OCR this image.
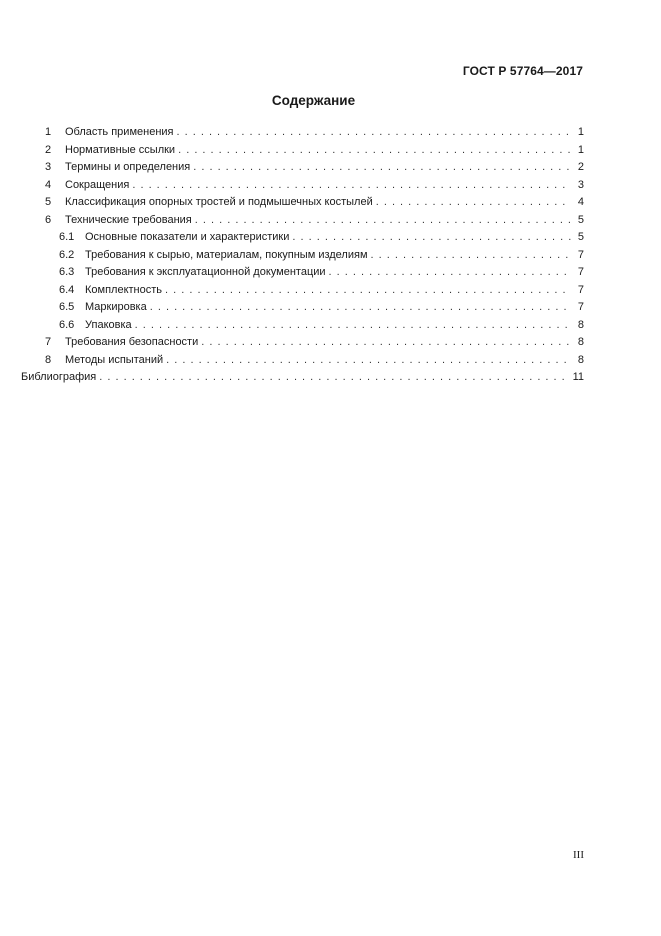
ГОСТ Р 57764—2017
Содержание
1	Область применения . . .	1
2	Нормативные ссылки . . .	1
3	Термины и определения . . .	2
4	Сокращения . . .	3
5	Классификация опорных тростей и подмышечных костылей . . .	4
6	Технические требования . . .	5
6.1 Основные показатели и характеристики . . .	5
6.2 Требования к сырью, материалам, покупным изделиям . . .	7
6.3 Требования к эксплуатационной документации . . .	7
6.4 Комплектность . . .	7
6.5 Маркировка . . .	7
6.6 Упаковка . . .	8
7	Требования безопасности . . .	8
8	Методы испытаний . . .	8
Библиография . . .	11
III
